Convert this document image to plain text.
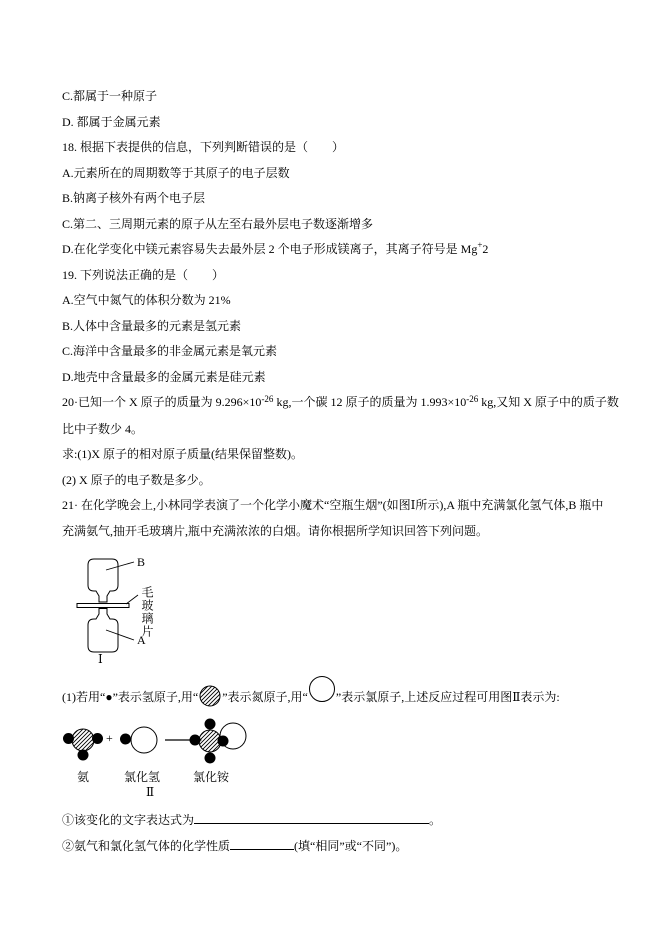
C.都属于一种原子

D. 都属于金属元素

18. 根据下表提供的信息，下列判断错误的是（　　）

A.元素所在的周期数等于其原子的电子层数

B.钠离子核外有两个电子层

C.第二、三周期元素的原子从左至右最外层电子数逐渐增多

D.在化学变化中镁元素容易失去最外层 2 个电子形成镁离子，其离子符号是 Mg+2

19. 下列说法正确的是（　　）

A.空气中氮气的体积分数为 21%

B.人体中含量最多的元素是氢元素

C.海洋中含量最多的非金属元素是氧元素

D.地壳中含量最多的金属元素是硅元素

20·已知一个 X 原子的质量为 $9.296\times 10^{-26}$ kg,一个碳 12 原子的质量为 $1.993\times 10^{-26}$ kg,又知 X 原子中的质子数

比中子数少 4。

求:(1)X 原子的相对原子质量(结果保留整数)。

(2) X 原子的电子数是多少。

21· 在化学晚会上,小林同学表演了一个化学小魔术“空瓶生烟”(如图Ⅰ所示),A 瓶中充满氯化氢气体,B 瓶中

充满氨气,抽开毛玻璃片,瓶中充满浓浓的白烟。请你根据所学知识回答下列问题。

B
毛玻璃片
A
Ⅰ
(1)若用“●”表示氢原子,用“ ”表示氮原子,用“ ”表示氯原子,上述反应过程可用图Ⅱ表示为:
+
氨	氯化氢	氯化铵
Ⅱ

①该变化的文字表达式为	。

②氨气和氯化氢气体的化学性质	(填“相同”或“不同”)。
